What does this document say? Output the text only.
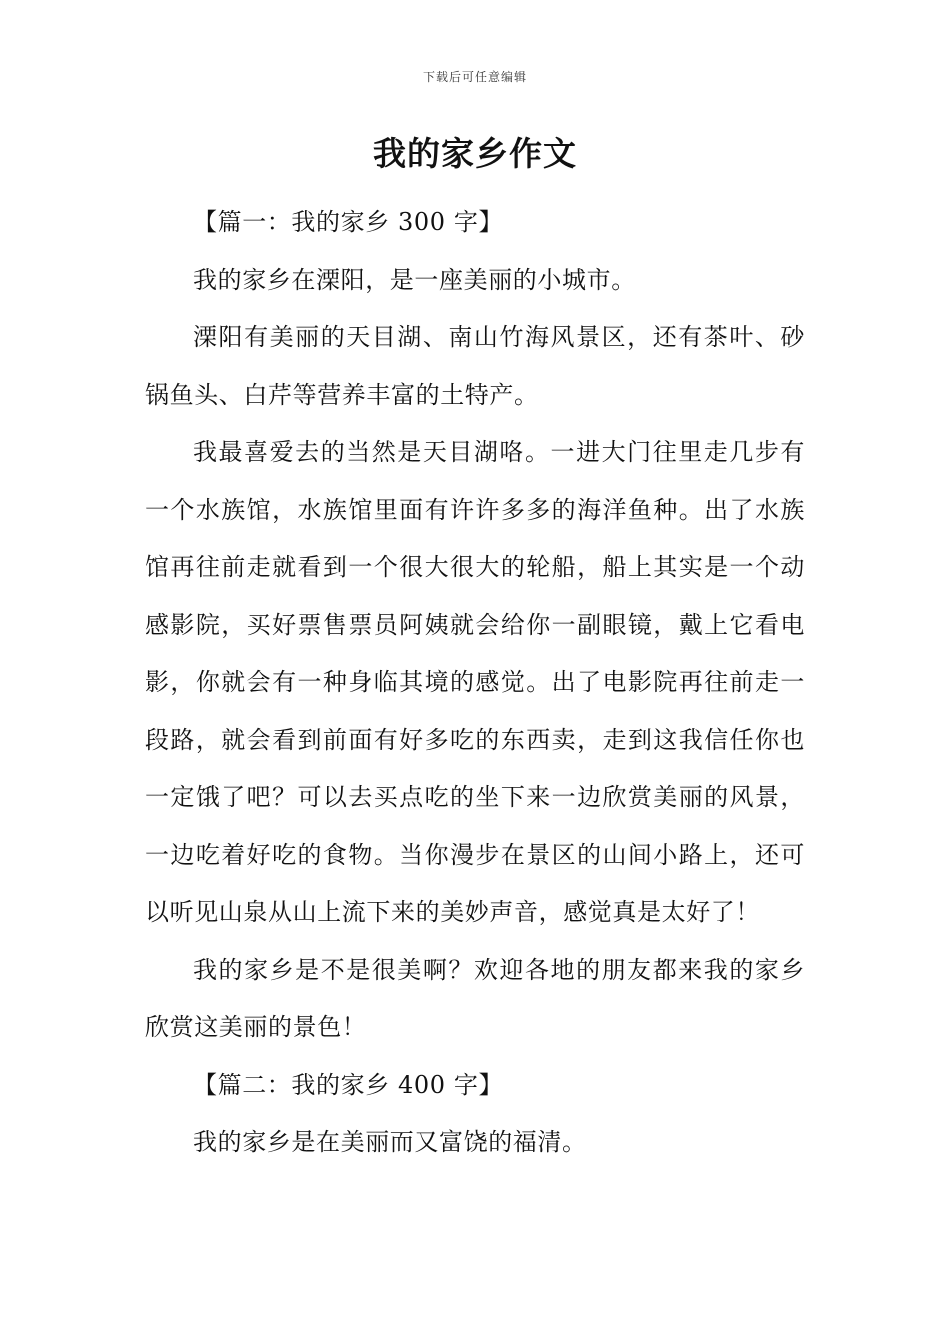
下载后可任意编辑
我的家乡作文

【篇一：我的家乡 300 字】

我的家乡在溧阳，是一座美丽的小城市。

溧阳有美丽的天目湖、南山竹海风景区，还有茶叶、砂锅鱼头、白芹等营养丰富的土特产。

我最喜爱去的当然是天目湖咯。一进大门往里走几步有一个水族馆，水族馆里面有许许多多的海洋鱼种。出了水族馆再往前走就看到一个很大很大的轮船，船上其实是一个动感影院，买好票售票员阿姨就会给你一副眼镜，戴上它看电影，你就会有一种身临其境的感觉。出了电影院再往前走一段路，就会看到前面有好多吃的东西卖，走到这我信任你也一定饿了吧？可以去买点吃的坐下来一边欣赏美丽的风景，一边吃着好吃的食物。当你漫步在景区的山间小路上，还可以听见山泉从山上流下来的美妙声音，感觉真是太好了！

我的家乡是不是很美啊？欢迎各地的朋友都来我的家乡欣赏这美丽的景色！

【篇二：我的家乡 400 字】

我的家乡是在美丽而又富饶的福清。
